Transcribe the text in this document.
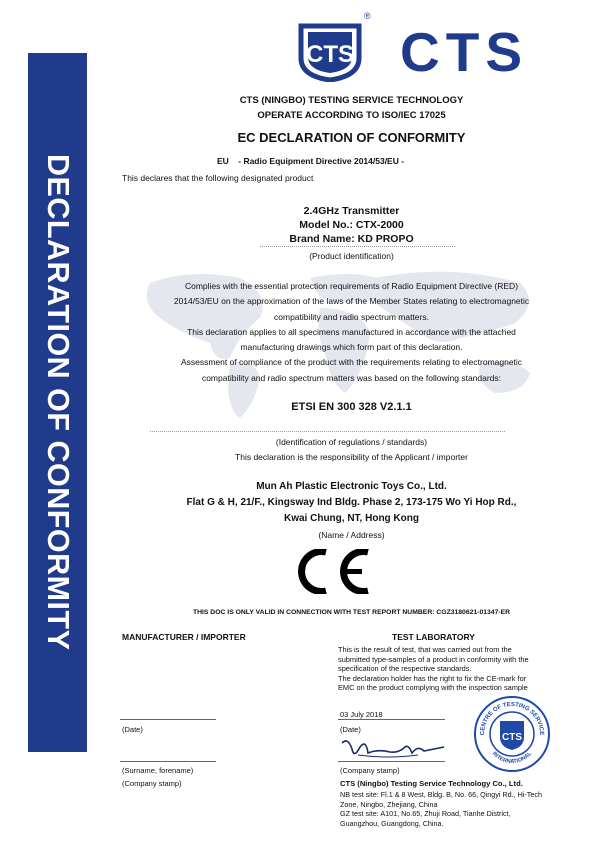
DECLARATION OF CONFORMITY
CTS
®
CTS
CTS (NINGBO) TESTING SERVICE TECHNOLOGY
OPERATE ACCORDING TO ISO/IEC 17025
EC DECLARATION OF CONFORMITY
EU    - Radio Equipment Directive 2014/53/EU -
This declares that the following designated product
2.4GHz Transmitter
Model No.: CTX-2000
Brand Name: KD PROPO
(Product identification)
Complies with the essential protection requirements of Radio Equipment Directive (RED)
2014/53/EU on the approximation of the laws of the Member States relating to electromagnetic
compatibility and radio spectrum matters.
This declaration applies to all specimens manufactured in accordance with the attached
manufacturing drawings which form part of this declaration.
Assessment of compliance of the product with the requirements relating to electromagnetic
compatibility and radio spectrum matters was based on the following standards:
ETSI EN 300 328 V2.1.1
(Identification of regulations / standards)
This declaration is the responsibility of the Applicant / importer
Mun Ah Plastic Electronic Toys Co., Ltd.
Flat G & H, 21/F., Kingsway Ind Bldg. Phase 2, 173-175 Wo Yi Hop Rd.,
Kwai Chung, NT, Hong Kong
(Name / Address)
THIS DOC IS ONLY VALID IN CONNECTION WITH TEST REPORT NUMBER: CGZ3180621-01347-ER
MANUFACTURER / IMPORTER
(Date)
(Surname, forename)
(Company stamp)
TEST LABORATORY
This is the result of test, that was carried out from the
submitted type-samples of a product in conformity with the
specification of the respective standards.
The declaration holder has the right to fix the CE-mark for
EMC on the product complying with the inspection sample
03 July 2018
(Date)
(Company stamp)
CTS (Ningbo) Testing Service Technology Co., Ltd.
NB test site: Fl.1 & 8 West, Bldg. B, No. 66, Qingyi Rd., Hi-Tech
Zone, Ningbo, Zhejiang, China
GZ test site: A101, No.65, Zhuji Road, Tianhe District,
Guangzhou, Guangdong, China.
CENTRE OF TESTING SERVICE
INTERNATIONAL
CTS
